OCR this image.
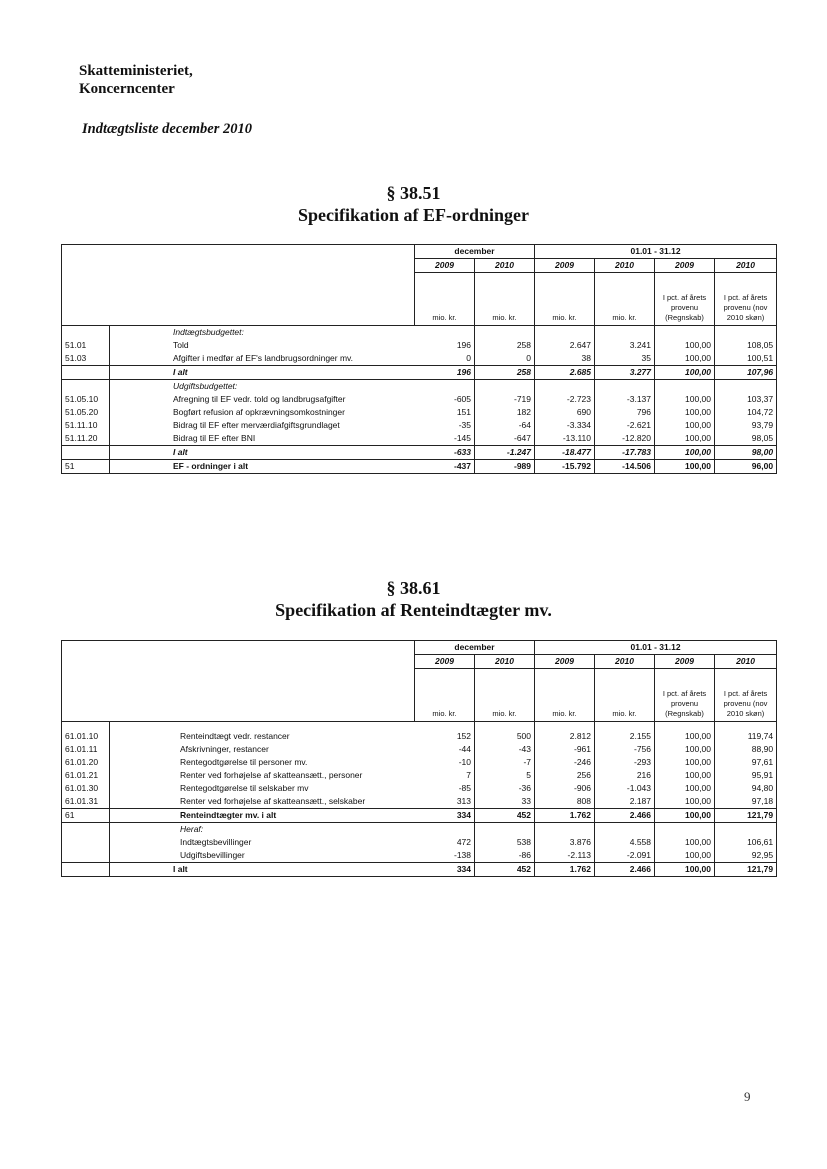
Skatteministeriet,
Koncerncenter
Indtægtsliste december 2010
§ 38.51
Specifikation af EF-ordninger
		december		01.01 - 31.12			
		2009	2010	2009	2010	2009	2010
		mio. kr.	mio. kr.	mio. kr.	mio. kr.	I pct. af årets provenu (Regnskab)	I pct. af årets provenu (nov 2010 skøn)
	Indtægtsbudgettet:						
51.01	Told	196	258	2.647	3.241	100,00	108,05
51.03	Afgifter i medfør af EF's landbrugsordninger mv.	0	0	38	35	100,00	100,51
	I alt	196	258	2.685	3.277	100,00	107,96
	Udgiftsbudgettet:						
51.05.10	Afregning til EF vedr. told og landbrugsafgifter	-605	-719	-2.723	-3.137	100,00	103,37
51.05.20	Bogført refusion af opkrævningsomkostninger	151	182	690	796	100,00	104,72
51.11.10	Bidrag til EF efter merværdiafgiftsgrundlaget	-35	-64	-3.334	-2.621	100,00	93,79
51.11.20	Bidrag til EF efter BNI	-145	-647	-13.110	-12.820	100,00	98,05
	I alt	-633	-1.247	-18.477	-17.783	100,00	98,00
51	EF - ordninger i alt	-437	-989	-15.792	-14.506	100,00	96,00
§ 38.61
Specifikation af Renteindtægter mv.
		december		01.01 - 31.12			
		2009	2010	2009	2010	2009	2010
		mio. kr.	mio. kr.	mio. kr.	mio. kr.	I pct. af årets provenu (Regnskab)	I pct. af årets provenu (nov 2010 skøn)
61.01.10	Renteindtægt vedr. restancer	152	500	2.812	2.155	100,00	119,74
61.01.11	Afskrivninger, restancer	-44	-43	-961	-756	100,00	88,90
61.01.20	Rentegodtgørelse til personer mv.	-10	-7	-246	-293	100,00	97,61
61.01.21	Renter ved forhøjelse af skatteansætt., personer	7	5	256	216	100,00	95,91
61.01.30	Rentegodtgørelse til selskaber mv	-85	-36	-906	-1.043	100,00	94,80
61.01.31	Renter ved forhøjelse af skatteansætt., selskaber	313	33	808	2.187	100,00	97,18
61	Renteindtægter mv. i alt	334	452	1.762	2.466	100,00	121,79
	Heraf:						
	Indtægtsbevillinger	472	538	3.876	4.558	100,00	106,61
	Udgiftsbevillinger	-138	-86	-2.113	-2.091	100,00	92,95
	I alt	334	452	1.762	2.466	100,00	121,79
9
